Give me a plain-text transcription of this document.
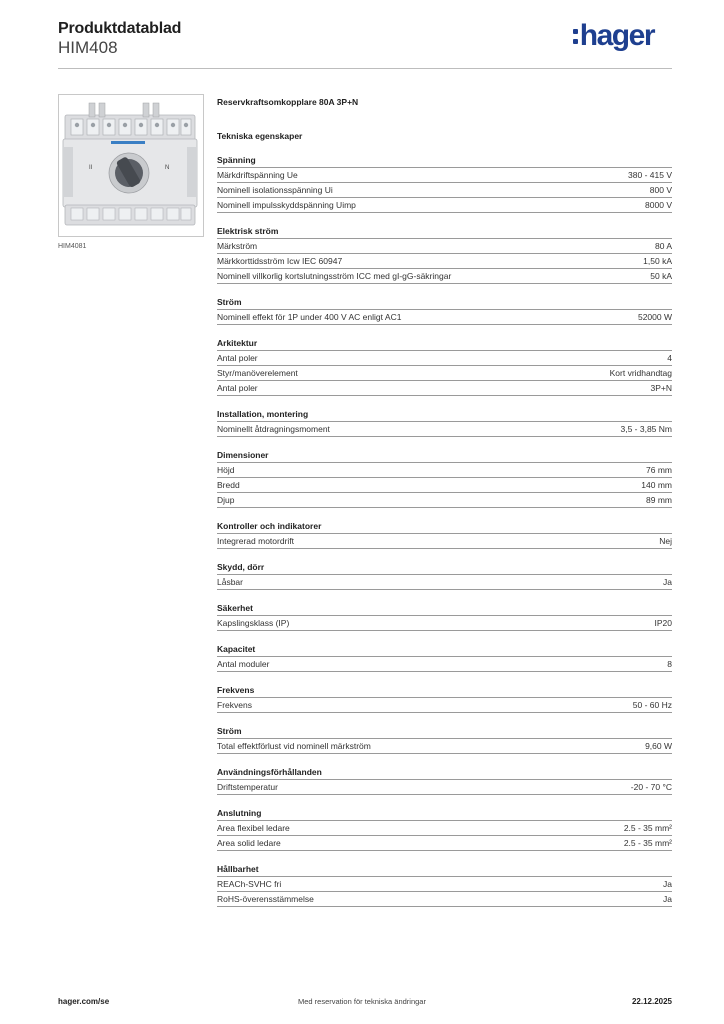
Produktdatablad
HIM408	hager
II	N
HIM4081
Reservkraftsomkopplare 80A 3P+N
Tekniska egenskaper
Spänning
Märkdriftspänning Ue	380 - 415 V
Nominell isolationsspänning Ui	800 V
Nominell impulsskyddspänning Uimp	8000 V
Elektrisk ström
Märkström	80 A
Märkkorttidsström Icw IEC 60947	1,50 kA
Nominell villkorlig kortslutningsström ICC med gI-gG-säkringar	50 kA
Ström
Nominell effekt för 1P under 400 V AC enligt AC1	52000 W
Arkitektur
Antal poler	4
Styr/manöverelement	Kort vridhandtag
Antal poler	3P+N
Installation, montering
Nominellt åtdragningsmoment	3,5 - 3,85 Nm
Dimensioner
Höjd	76 mm
Bredd	140 mm
Djup	89 mm
Kontroller och indikatorer
Integrerad motordrift	Nej
Skydd, dörr
Låsbar	Ja
Säkerhet
Kapslingsklass (IP)	IP20
Kapacitet
Antal moduler	8
Frekvens
Frekvens	50 - 60 Hz
Ström
Total effektförlust vid nominell märkström	9,60 W
Användningsförhållanden
Driftstemperatur	-20 - 70 °C
Anslutning
Area flexibel ledare	2.5 - 35 mm²
Area solid ledare	2.5 - 35 mm²
Hållbarhet
REACh-SVHC fri	Ja
RoHS-överensstämmelse	Ja
hager.com/se	Med reservation för tekniska ändringar	22.12.2025
